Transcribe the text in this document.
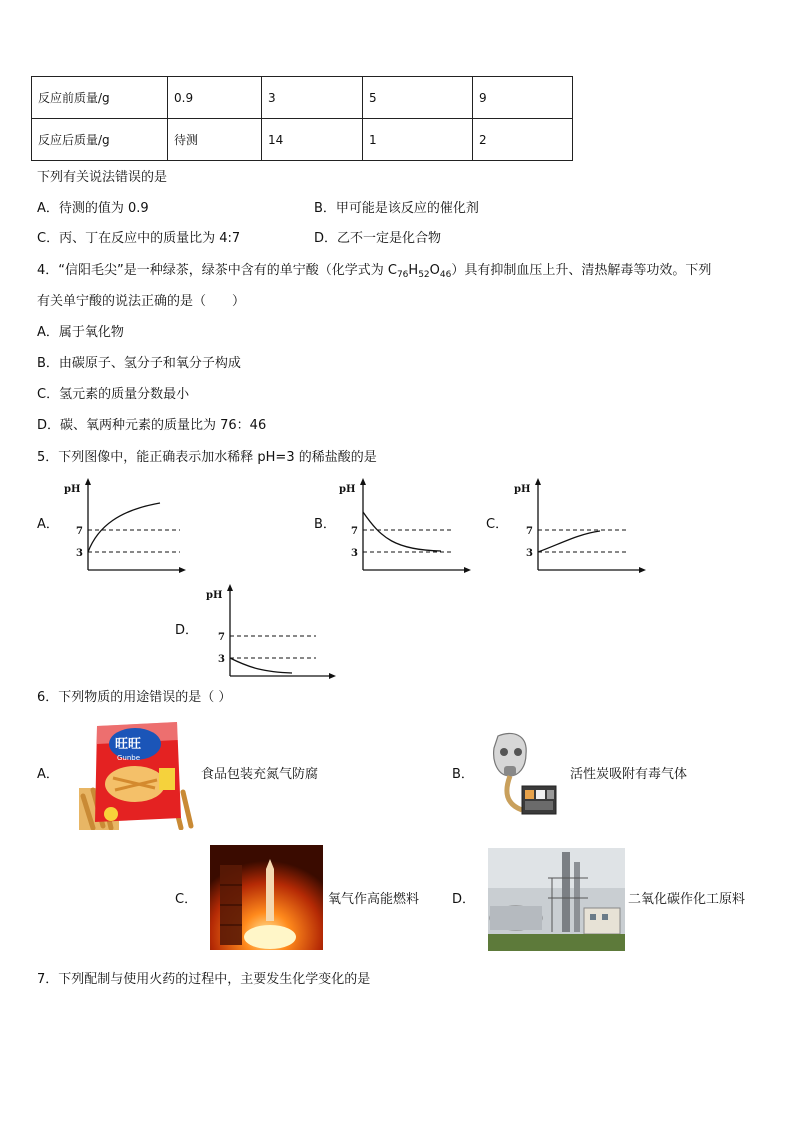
反应前质量/g	0.9	3	5	9
反应后质量/g	待测	14	1	2
下列有关说法错误的是
A．待测的值为 0.9	B．甲可能是该反应的催化剂
C．丙、丁在反应中的质量比为 4:7	D．乙不一定是化合物
4．“信阳毛尖”是一种绿茶，绿茶中含有的单宁酸（化学式为 $C_{76}H_{52}O_{46}$）具有抑制血压上升、清热解毒等功效。下列
有关单宁酸的说法正确的是（　　）
A．属于氧化物
B．由碳原子、氢分子和氧分子构成
C．氢元素的质量分数最小
D．碳、氧两种元素的质量比为 76：46
5．下列图像中，能正确表示加水稀释 pH=3 的稀盐酸的是
A．
pH
7
3
B．
pH
7
3
C．
pH
7
3
D．
pH
7
3
6．下列物质的用途错误的是（ ）
A．
旺旺
Gunbe
食品包装充氮气防腐	B．	活性炭吸附有毒气体
C．	氧气作高能燃料	D．	二氧化碳作化工原料
7．下列配制与使用火药的过程中，主要发生化学变化的是
